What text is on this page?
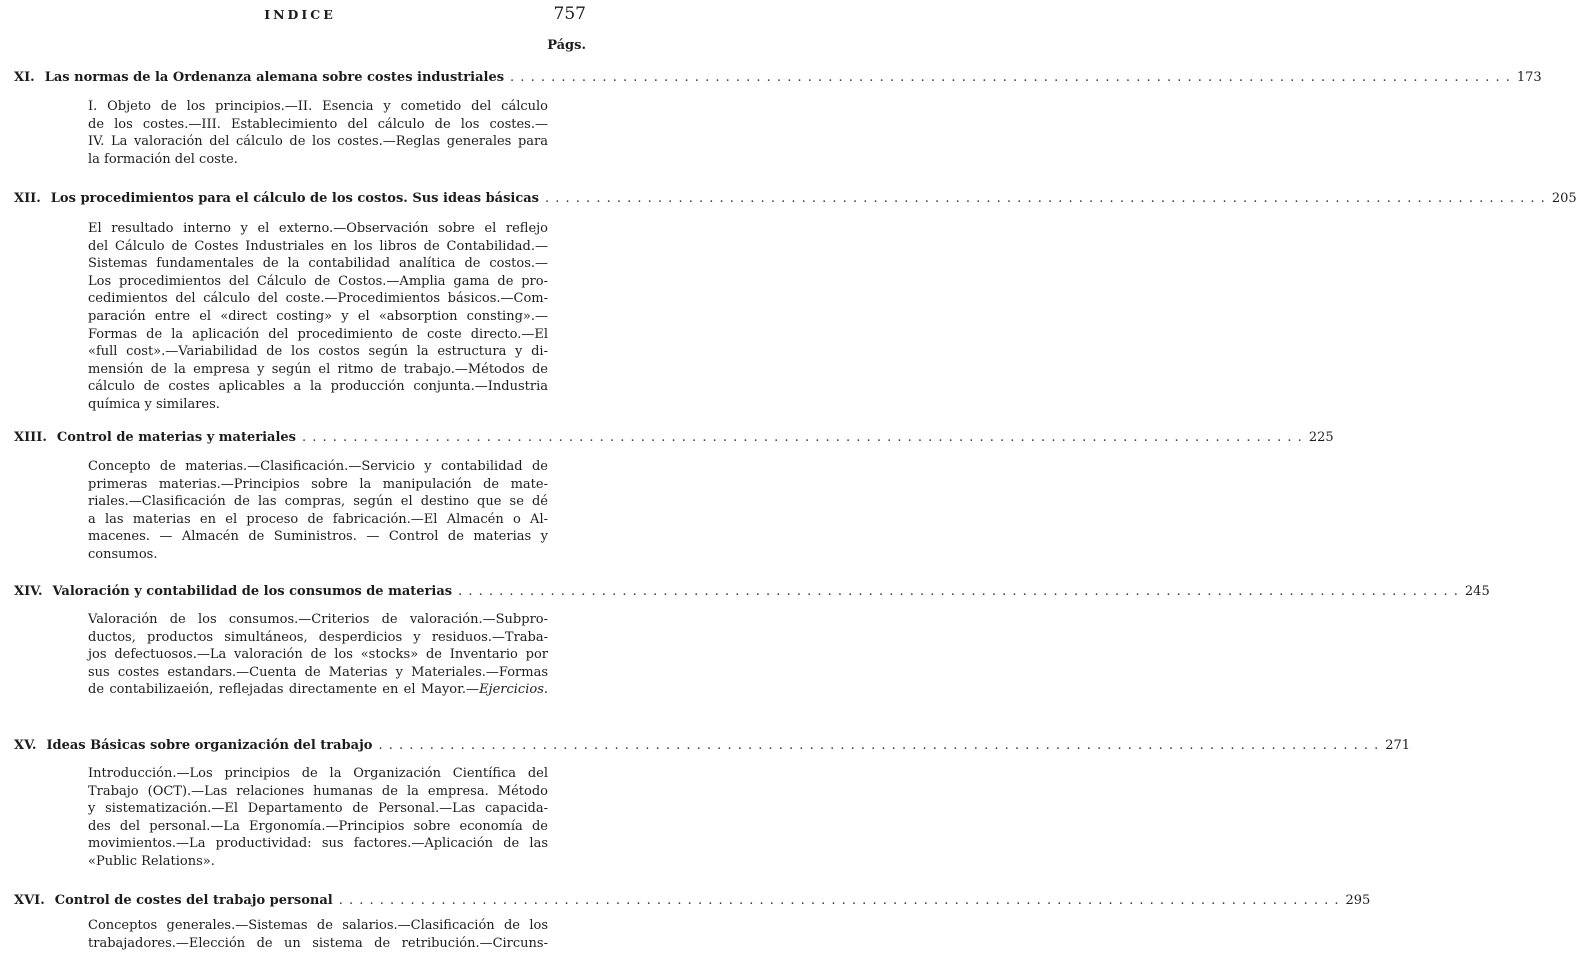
INDICE	757
Págs.
XI. Las normas de la Ordenanza alemana sobre costes industriales . . .	173
I. Objeto de los principios.—II. Esencia y cometido del cálculo
de los costes.—III. Establecimiento del cálculo de los costes.—
IV. La valoración del cálculo de los costes.—Reglas generales para
la formación del coste.
XII. Los procedimientos para el cálculo de los costos. Sus ideas básicas . . .	205
El resultado interno y el externo.—Observación sobre el reflejo
del Cálculo de Costes Industriales en los libros de Contabilidad.—
Sistemas fundamentales de la contabilidad analítica de costos.—
Los procedimientos del Cálculo de Costos.—Amplia gama de pro-
cedimientos del cálculo del coste.—Procedimientos básicos.—Com-
paración entre el «direct costing» y el «absorption consting».—
Formas de la aplicación del procedimiento de coste directo.—El
«full cost».—Variabilidad de los costos según la estructura y di-
mensión de la empresa y según el ritmo de trabajo.—Métodos de
cálculo de costes aplicables a la producción conjunta.—Industria
química y similares.
XIII. Control de materias y materiales . . .	225
Concepto de materias.—Clasificación.—Servicio y contabilidad de
primeras materias.—Principios sobre la manipulación de mate-
riales.—Clasificación de las compras, según el destino que se dé
a las materias en el proceso de fabricación.—El Almacén o Al-
macenes. — Almacén de Suministros. — Control de materias y
consumos.
XIV. Valoración y contabilidad de los consumos de materias . . .	245
Valoración de los consumos.—Criterios de valoración.—Subpro-
ductos, productos simultáneos, desperdicios y residuos.—Traba-
jos defectuosos.—La valoración de los «stocks» de Inventario por
sus costes estandars.—Cuenta de Materias y Materiales.—Formas
de contabilizaeión, reflejadas directamente en el Mayor.—Ejercicios.
XV. Ideas Básicas sobre organización del trabajo . . .	271
Introducción.—Los principios de la Organización Científica del
Trabajo (OCT).—Las relaciones humanas de la empresa. Método
y sistematización.—El Departamento de Personal.—Las capacida-
des del personal.—La Ergonomía.—Principios sobre economía de
movimientos.—La productividad: sus factores.—Aplicación de las
«Public Relations».
XVI. Control de costes del trabajo personal . . .	295
Conceptos generales.—Sistemas de salarios.—Clasificación de los
trabajadores.—Elección de un sistema de retribución.—Circuns-
